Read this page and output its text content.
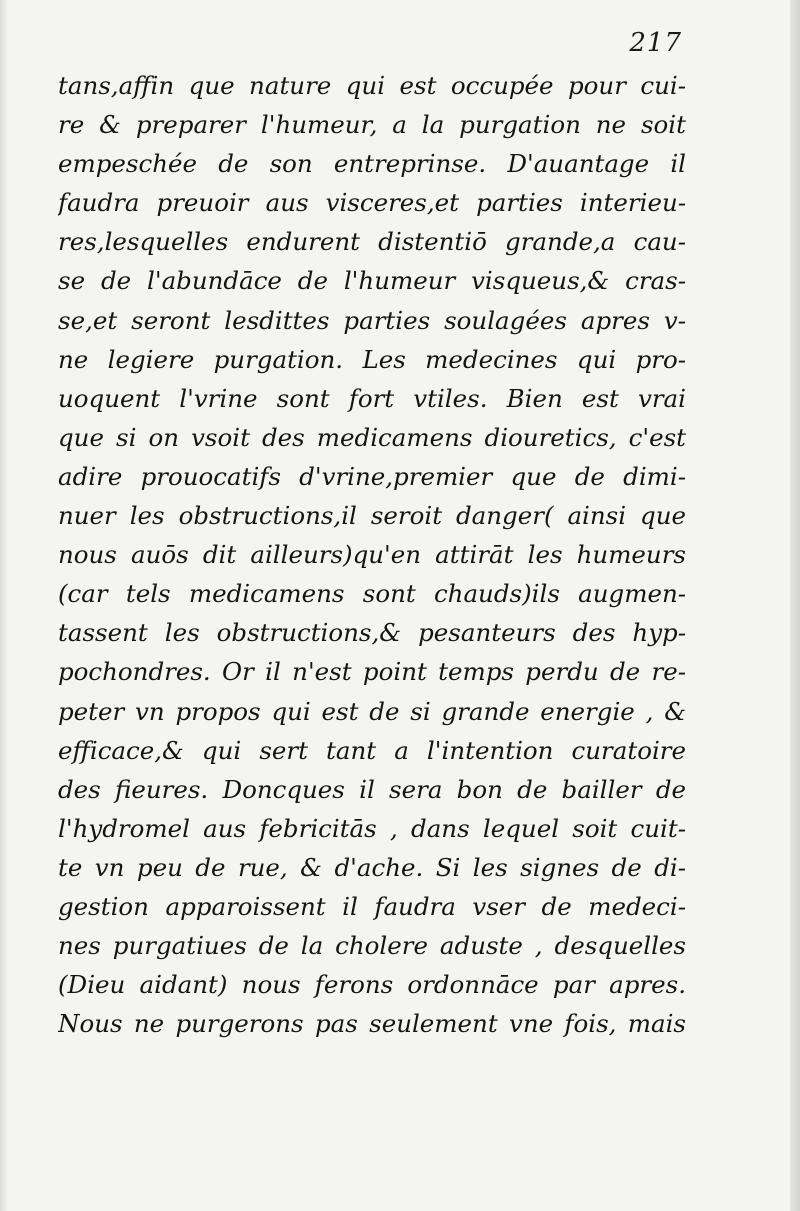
217
tans,affin que nature qui est occupée pour cui-
re & preparer l'humeur, a la purgation ne soit
empeschée de son entreprinse. D'auantage il
faudra preuoir aus visceres,et parties interieu-
res,lesquelles endurent distentiō grande,a cau-
se de l'abundāce de l'humeur visqueus,& cras-
se,et seront lesdittes parties soulagées apres v-
ne legiere purgation. Les medecines qui pro-
uoquent l'vrine sont fort vtiles. Bien est vrai
que si on vsoit des medicamens diouretics, c'est
adire prouocatifs d'vrine,premier que de dimi-
nuer les obstructions,il seroit danger( ainsi que
nous auōs dit ailleurs)qu'en attirāt les humeurs
(car tels medicamens sont chauds)ils augmen-
tassent les obstructions,& pesanteurs des hyp-
pochondres. Or il n'est point temps perdu de re-
peter vn propos qui est de si grande energie , &
efficace,& qui sert tant a l'intention curatoire
des fieures. Doncques il sera bon de bailler de
l'hydromel aus febricitās , dans lequel soit cuit-
te vn peu de rue, & d'ache. Si les signes de di-
gestion apparoissent il faudra vser de medeci-
nes purgatiues de la cholere aduste , desquelles
(Dieu aidant) nous ferons ordonnāce par apres.
Nous ne purgerons pas seulement vne fois, mais
